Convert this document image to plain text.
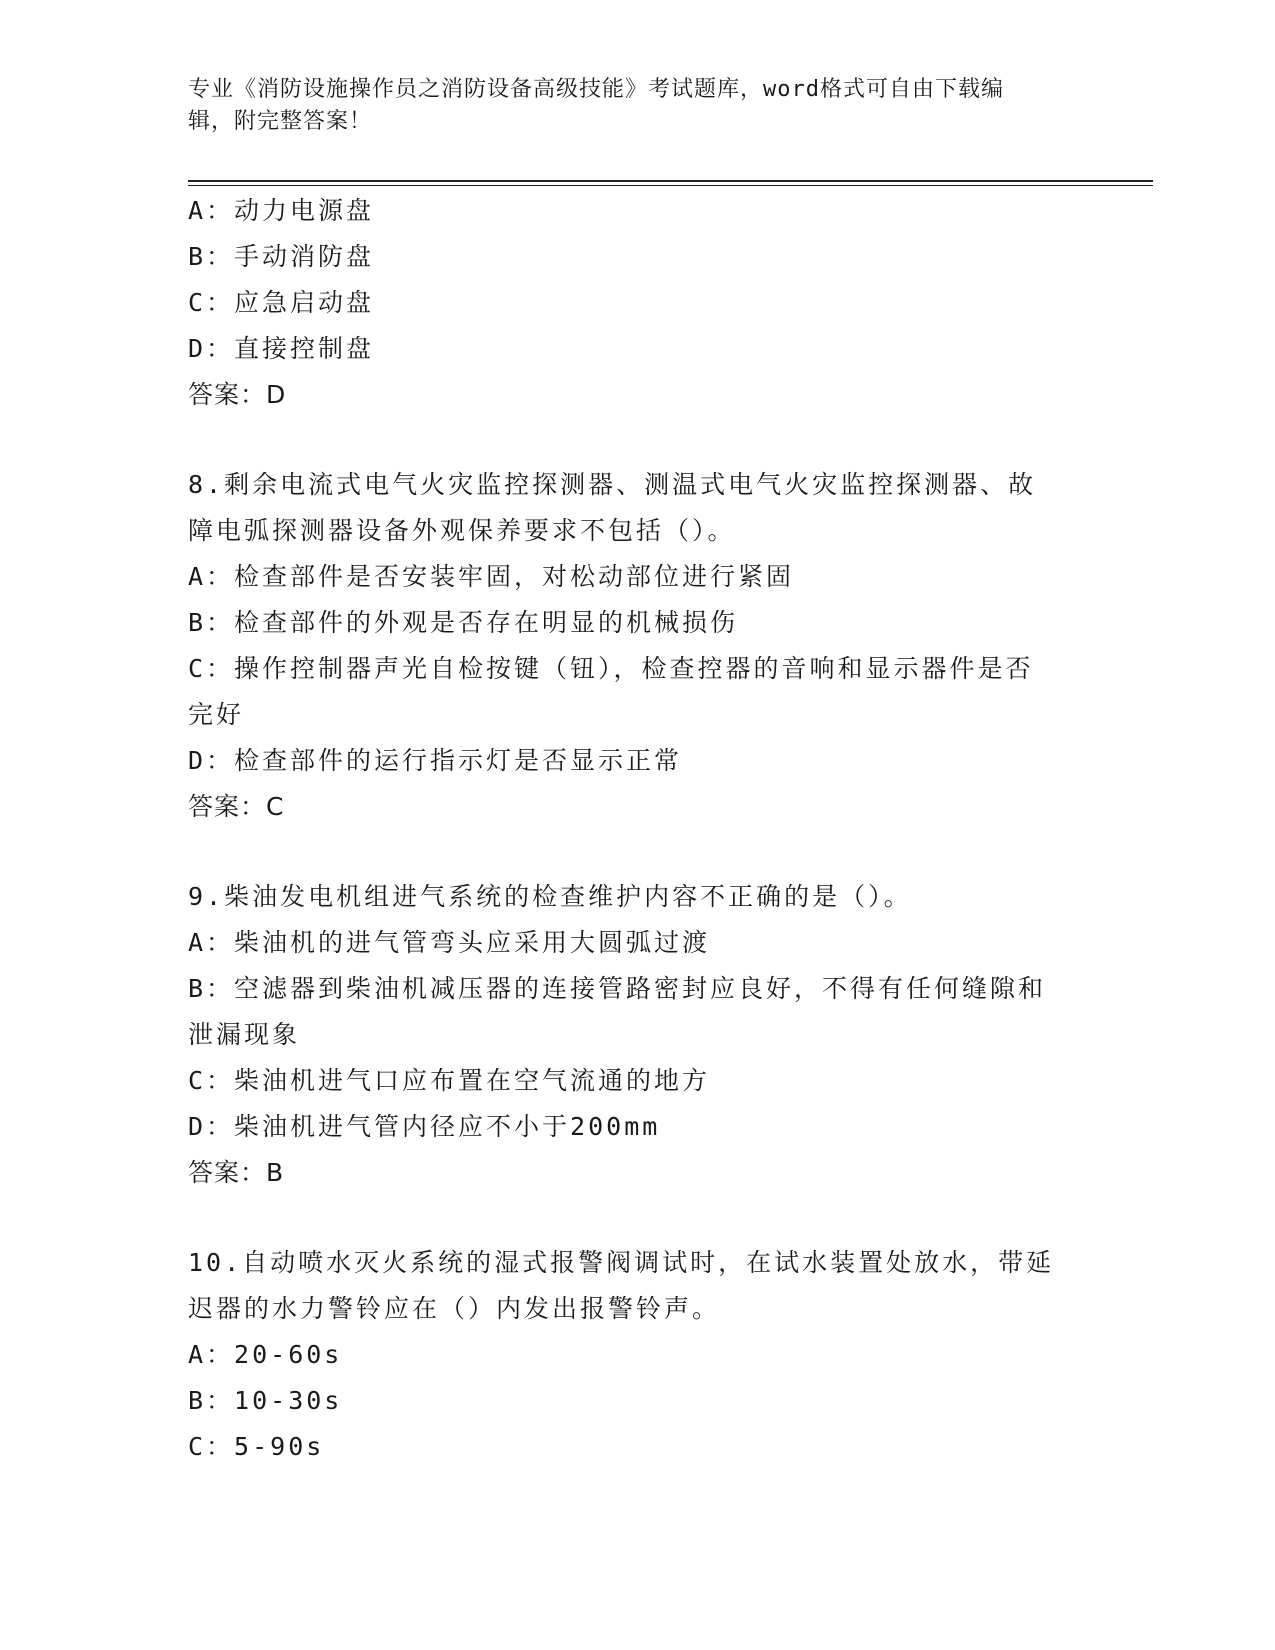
专业《消防设施操作员之消防设备高级技能》考试题库，word格式可自由下载编
辑，附完整答案！
A：动力电源盘
B：手动消防盘
C：应急启动盘
D：直接控制盘
答案：D
8.剩余电流式电气火灾监控探测器、测温式电气火灾监控探测器、故
障电弧探测器设备外观保养要求不包括（）。
A：检查部件是否安装牢固，对松动部位进行紧固
B：检查部件的外观是否存在明显的机械损伤
C：操作控制器声光自检按键（钮），检查控器的音响和显示器件是否
完好
D：检查部件的运行指示灯是否显示正常
答案：C
9.柴油发电机组进气系统的检查维护内容不正确的是（）。
A：柴油机的进气管弯头应采用大圆弧过渡
B：空滤器到柴油机减压器的连接管路密封应良好，不得有任何缝隙和
泄漏现象
C：柴油机进气口应布置在空气流通的地方
D：柴油机进气管内径应不小于200mm
答案：B
10.自动喷水灭火系统的湿式报警阀调试时，在试水装置处放水，带延
迟器的水力警铃应在（）内发出报警铃声。
A：20-60s
B：10-30s
C：5-90s
